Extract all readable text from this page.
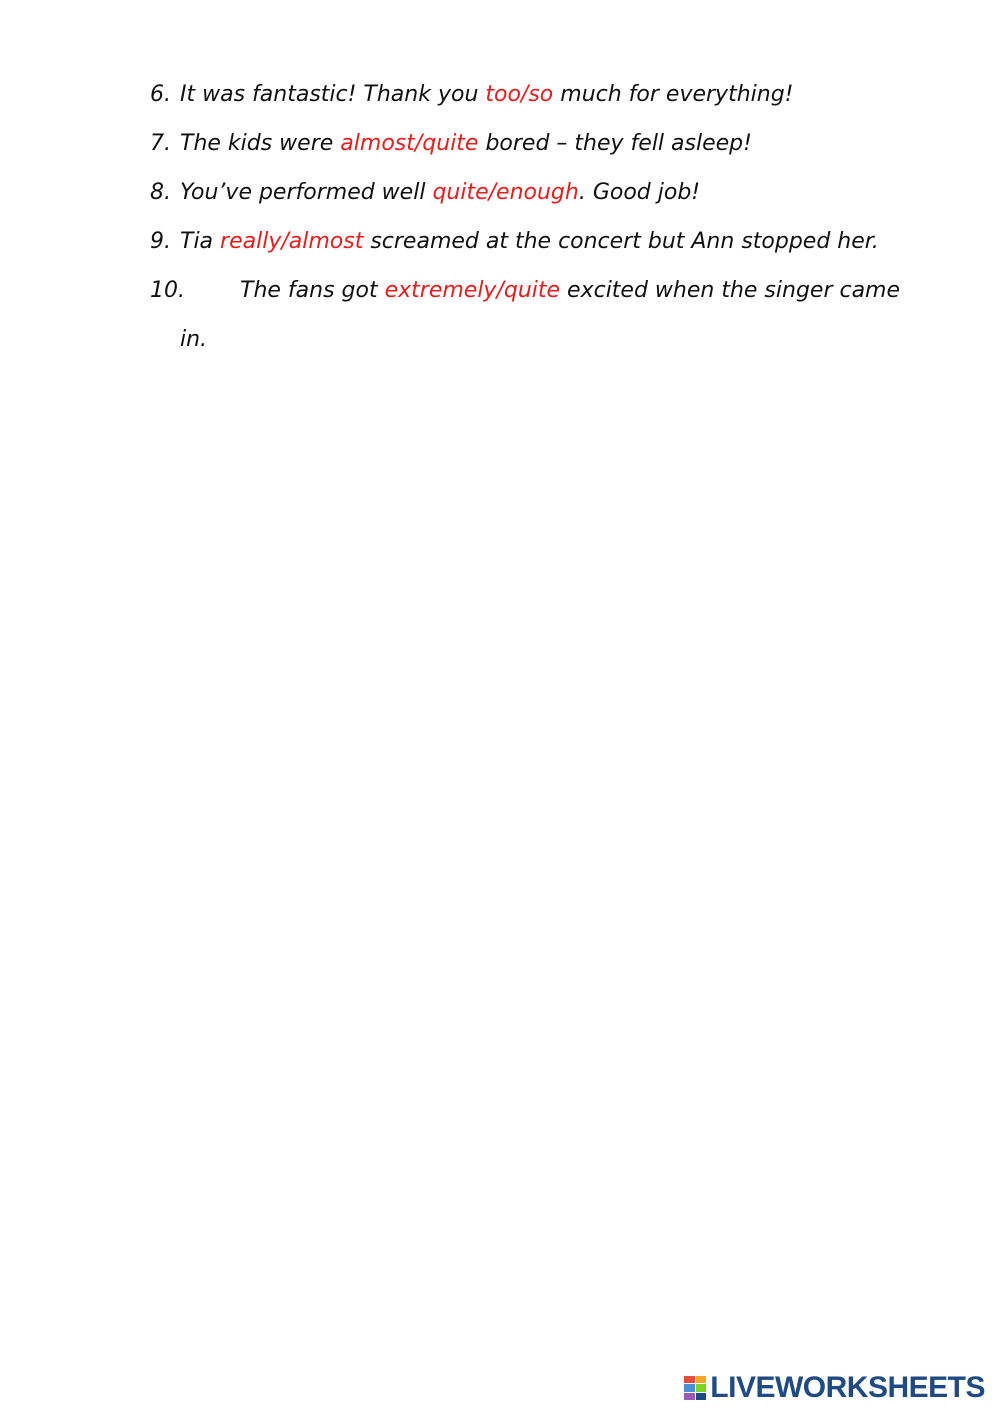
6. It was fantastic! Thank you too/so much for everything!
7. The kids were almost/quite bored – they fell asleep!
8. You’ve performed well quite/enough. Good job!
9. Tia really/almost screamed at the concert but Ann stopped her.
10.	The fans got extremely/quite excited when the singer came
in.
LIVEWORKSHEETS
